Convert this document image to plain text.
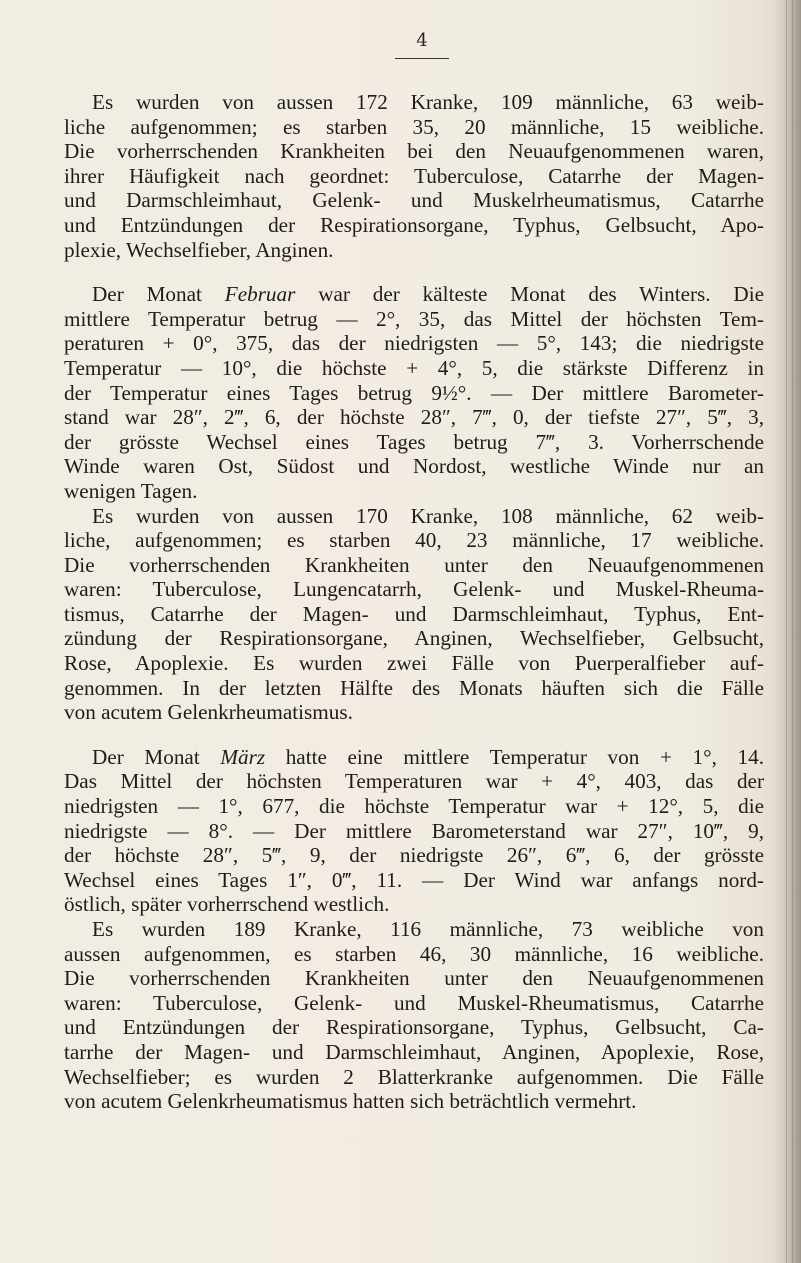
4
Es wurden von aussen 172 Kranke, 109 männliche, 63 weib-
liche aufgenommen; es starben 35, 20 männliche, 15 weibliche.
Die vorherrschenden Krankheiten bei den Neuaufgenommenen waren,
ihrer Häufigkeit nach geordnet: Tuberculose, Catarrhe der Magen-
und Darmschleimhaut, Gelenk- und Muskelrheumatismus, Catarrhe
und Entzündungen der Respirationsorgane, Typhus, Gelbsucht, Apo-
plexie, Wechselfieber, Anginen.
Der Monat Februar war der kälteste Monat des Winters. Die
mittlere Temperatur betrug — 2°, 35, das Mittel der höchsten Tem-
peraturen + 0°, 375, das der niedrigsten — 5°, 143; die niedrigste
Temperatur — 10°, die höchste + 4°, 5, die stärkste Differenz in
der Temperatur eines Tages betrug 9½°. — Der mittlere Barometer-
stand war 28″, 2‴, 6, der höchste 28″, 7‴, 0, der tiefste 27″, 5‴, 3,
der grösste Wechsel eines Tages betrug 7‴, 3. Vorherrschende
Winde waren Ost, Südost und Nordost, westliche Winde nur an
wenigen Tagen.
Es wurden von aussen 170 Kranke, 108 männliche, 62 weib-
liche, aufgenommen; es starben 40, 23 männliche, 17 weibliche.
Die vorherrschenden Krankheiten unter den Neuaufgenommenen
waren: Tuberculose, Lungencatarrh, Gelenk- und Muskel-Rheuma-
tismus, Catarrhe der Magen- und Darmschleimhaut, Typhus, Ent-
zündung der Respirationsorgane, Anginen, Wechselfieber, Gelbsucht,
Rose, Apoplexie. Es wurden zwei Fälle von Puerperalfieber auf-
genommen. In der letzten Hälfte des Monats häuften sich die Fälle
von acutem Gelenkrheumatismus.
Der Monat März hatte eine mittlere Temperatur von + 1°, 14.
Das Mittel der höchsten Temperaturen war + 4°, 403, das der
niedrigsten — 1°, 677, die höchste Temperatur war + 12°, 5, die
niedrigste — 8°. — Der mittlere Barometerstand war 27″, 10‴, 9,
der höchste 28″, 5‴, 9, der niedrigste 26″, 6‴, 6, der grösste
Wechsel eines Tages 1″, 0‴, 11. — Der Wind war anfangs nord-
östlich, später vorherrschend westlich.
Es wurden 189 Kranke, 116 männliche, 73 weibliche von
aussen aufgenommen, es starben 46, 30 männliche, 16 weibliche.
Die vorherrschenden Krankheiten unter den Neuaufgenommenen
waren: Tuberculose, Gelenk- und Muskel-Rheumatismus, Catarrhe
und Entzündungen der Respirationsorgane, Typhus, Gelbsucht, Ca-
tarrhe der Magen- und Darmschleimhaut, Anginen, Apoplexie, Rose,
Wechselfieber; es wurden 2 Blatterkranke aufgenommen. Die Fälle
von acutem Gelenkrheumatismus hatten sich beträchtlich vermehrt.
